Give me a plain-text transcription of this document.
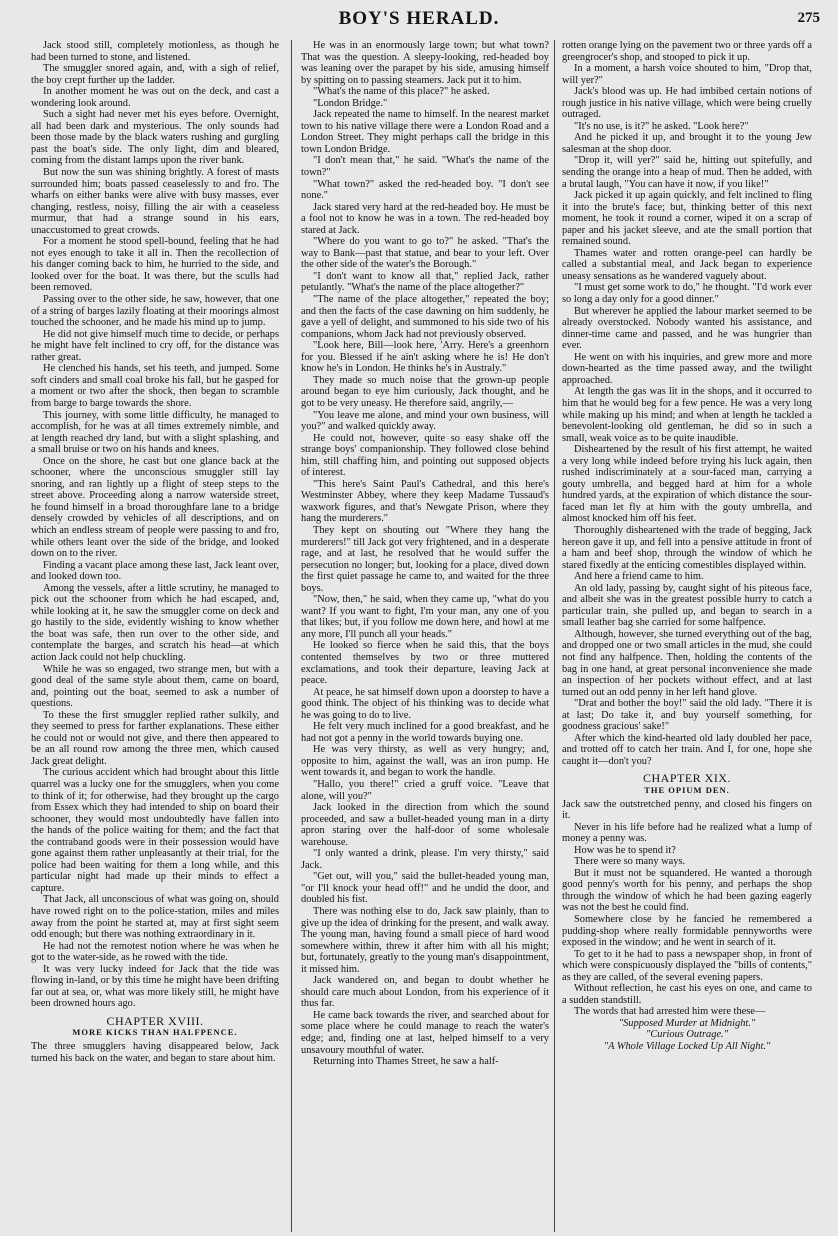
BOY'S HERALD.	275

Jack stood still, completely motionless, as though he had been turned to stone, and listened.

The smuggler snored again, and, with a sigh of relief, the boy crept further up the ladder.

In another moment he was out on the deck, and cast a wondering look around.

Such a sight had never met his eyes before. Overnight, all had been dark and mysterious. The only sounds had been those made by the black waters rushing and gurgling past the boat's side. The only light, dim and bleared, coming from the distant lamps upon the river bank.

But now the sun was shining brightly. A forest of masts surrounded him; boats passed ceaselessly to and fro. The wharfs on either banks were alive with busy masses, ever changing, restless, noisy, filling the air with a ceaseless murmur, that had a strange sound in his ears, unaccustomed to great crowds.

For a moment he stood spell-bound, feeling that he had not eyes enough to take it all in. Then the recollection of his danger coming back to him, he hurried to the side, and looked over for the boat. It was there, but the sculls had been removed.

Passing over to the other side, he saw, however, that one of a string of barges lazily floating at their moorings almost touched the schooner, and he made his mind up to jump.

He did not give himself much time to decide, or perhaps he might have felt inclined to cry off, for the distance was rather great.

He clenched his hands, set his teeth, and jumped. Some soft cinders and small coal broke his fall, but he gasped for a moment or two after the shock, then began to scramble from barge to barge towards the shore.

This journey, with some little difficulty, he managed to accomplish, for he was at all times extremely nimble, and at length reached dry land, but with a slight splashing, and a small bruise or two on his hands and knees.

Once on the shore, he cast but one glance back at the schooner, where the unconscious smuggler still lay snoring, and ran lightly up a flight of steep steps to the street above. Proceeding along a narrow waterside street, he found himself in a broad thoroughfare lane to a bridge densely crowded by vehicles of all descriptions, and on which an endless stream of people were passing to and fro, while others leant over the side of the bridge, and looked down on to the river.

Finding a vacant place among these last, Jack leant over, and looked down too.

Among the vessels, after a little scrutiny, he managed to pick out the schooner from which he had escaped, and, while looking at it, he saw the smuggler come on deck and go hastily to the side, evidently wishing to know whether the boat was safe, then run over to the other side, and contemplate the barges, and scratch his head—at which action Jack could not help chuckling.

While he was so engaged, two strange men, but with a good deal of the same style about them, came on board, and, pointing out the boat, seemed to ask a number of questions.

To these the first smuggler replied rather sulkily, and they seemed to press for farther explanations. These either he could not or would not give, and there then appeared to be an all round row among the three men, which caused Jack great delight.

The curious accident which had brought about this little quarrel was a lucky one for the smugglers, when you come to think of it; for otherwise, had they brought up the cargo from Essex which they had intended to ship on board their schooner, they would most undoubtedly have fallen into the hands of the police waiting for them; and the fact that the contraband goods were in their possession would have gone against them rather unpleasantly at their trial, for the police had been waiting for them a long while, and this particular night had made up their minds to effect a capture.

That Jack, all unconscious of what was going on, should have rowed right on to the police-station, miles and miles away from the point he started at, may at first sight seem odd enough; but there was nothing extraordinary in it.

He had not the remotest notion where he was when he got to the water-side, as he rowed with the tide.

It was very lucky indeed for Jack that the tide was flowing in-land, or by this time he might have been drifting far out at sea, or, what was more likely still, he might have been drowned hours ago.

CHAPTER XVIII.
MORE KICKS THAN HALFPENCE.

The three smugglers having disappeared below, Jack turned his back on the water, and began to stare about him.

He was in an enormously large town; but what town? That was the question. A sleepy-looking, red-headed boy was leaning over the parapet by his side, amusing himself by spitting on to passing steamers. Jack put it to him.

"What's the name of this place?" he asked.

"London Bridge."

Jack repeated the name to himself. In the nearest market town to his native village there were a London Road and a London Street. They might perhaps call the bridge in this town London Bridge.

"I don't mean that," he said. "What's the name of the town?"

"What town?" asked the red-headed boy. "I don't see none."

Jack stared very hard at the red-headed boy. He must be a fool not to know he was in a town. The red-headed boy stared at Jack.

"Where do you want to go to?" he asked. "That's the way to Bank—past that statue, and bear to your left. Over the other side of the water's the Borough."

"I don't want to know all that," replied Jack, rather petulantly. "What's the name of the place altogether?"

"The name of the place altogether," repeated the boy; and then the facts of the case dawning on him suddenly, he gave a yell of delight, and summoned to his side two of his companions, whom Jack had not previously observed.

"Look here, Bill—look here, 'Arry. Here's a greenhorn for you. Blessed if he ain't asking where he is! He don't know he's in London. He thinks he's in Australy."

They made so much noise that the grown-up people around began to eye him curiously, Jack thought, and he got to be very uneasy. He therefore said, angrily,—

"You leave me alone, and mind your own business, will you?" and walked quickly away.

He could not, however, quite so easy shake off the strange boys' companionship. They followed close behind him, still chaffing him, and pointing out supposed objects of interest.

"This here's Saint Paul's Cathedral, and this here's Westminster Abbey, where they keep Madame Tussaud's waxwork figures, and that's Newgate Prison, where they hang the murderers."

They kept on shouting out "Where they hang the murderers!" till Jack got very frightened, and in a desperate rage, and at last, he resolved that he would suffer the persecution no longer; but, looking for a place, dived down the first quiet passage he came to, and waited for the three boys.

"Now, then," he said, when they came up, "what do you want? If you want to fight, I'm your man, any one of you that likes; but, if you follow me down here, and howl at me any more, I'll punch all your heads."

He looked so fierce when he said this, that the boys contented themselves by two or three muttered exclamations, and took their departure, leaving Jack at peace.

At peace, he sat himself down upon a doorstep to have a good think. The object of his thinking was to decide what he was going to do to live.

He felt very much inclined for a good breakfast, and he had not got a penny in the world towards buying one.

He was very thirsty, as well as very hungry; and, opposite to him, against the wall, was an iron pump. He went towards it, and began to work the handle.

"Hallo, you there!" cried a gruff voice. "Leave that alone, will you?"

Jack looked in the direction from which the sound proceeded, and saw a bullet-headed young man in a dirty apron staring over the half-door of some wholesale warehouse.

"I only wanted a drink, please. I'm very thirsty," said Jack.

"Get out, will you," said the bullet-headed young man, "or I'll knock your head off!" and he undid the door, and doubled his fist.

There was nothing else to do, Jack saw plainly, than to give up the idea of drinking for the present, and walk away. The young man, having found a small piece of hard wood somewhere within, threw it after him with all his might; but, fortunately, greatly to the young man's disappointment, it missed him.

Jack wandered on, and began to doubt whether he should care much about London, from his experience of it thus far.

He came back towards the river, and searched about for some place where he could manage to reach the water's edge; and, finding one at last, helped himself to a very unsavoury mouthful of water.

Returning into Thames Street, he saw a half-

rotten orange lying on the pavement two or three yards off a greengrocer's shop, and stooped to pick it up.

In a moment, a harsh voice shouted to him, "Drop that, will yer?"

Jack's blood was up. He had imbibed certain notions of rough justice in his native village, which were being cruelly outraged.

"It's no use, is it?" he asked. "Look here?"

And he picked it up, and brought it to the young Jew salesman at the shop door.

"Drop it, will yer?" said he, hitting out spitefully, and sending the orange into a heap of mud. Then he added, with a brutal laugh, "You can have it now, if you like!"

Jack picked it up again quickly, and felt inclined to fling it into the brute's face; but, thinking better of this next moment, he took it round a corner, wiped it on a scrap of paper and his jacket sleeve, and ate the small portion that remained sound.

Thames water and rotten orange-peel can hardly be called a substantial meal, and Jack began to experience uneasy sensations as he wandered vaguely about.

"I must get some work to do," he thought. "I'd work ever so long a day only for a good dinner."

But wherever he applied the labour market seemed to be already overstocked. Nobody wanted his assistance, and dinner-time came and passed, and he was hungrier than ever.

He went on with his inquiries, and grew more and more down-hearted as the time passed away, and the twilight approached.

At length the gas was lit in the shops, and it occurred to him that he would beg for a few pence. He was a very long while making up his mind; and when at length he tackled a benevolent-looking old gentleman, he did so in such a small, weak voice as to be quite inaudible.

Disheartened by the result of his first attempt, he waited a very long while indeed before trying his luck again, then rushed indiscriminately at a sour-faced man, carrying a gouty umbrella, and begged hard at him for a whole hundred yards, at the expiration of which distance the sour-faced man let fly at him with the gouty umbrella, and almost knocked him off his feet.

Thoroughly disheartened with the trade of begging, Jack hereon gave it up, and fell into a pensive attitude in front of a ham and beef shop, through the window of which he stared fixedly at the enticing comestibles displayed within.

And here a friend came to him.

An old lady, passing by, caught sight of his piteous face, and albeit she was in the greatest possible hurry to catch a particular train, she pulled up, and began to search in a small leather bag she carried for some halfpence.

Although, however, she turned everything out of the bag, and dropped one or two small articles in the mud, she could not find any halfpence. Then, holding the contents of the bag in one hand, at great personal inconvenience she made an inspection of her pockets without effect, and at last turned out an odd penny in her left hand glove.

"Drat and bother the boy!" said the old lady. "There it is at last; Do take it, and buy yourself something, for goodness gracious' sake!"

After which the kind-hearted old lady doubled her pace, and trotted off to catch her train. And I, for one, hope she caught it—don't you?

CHAPTER XIX.
THE OPIUM DEN.

Jack saw the outstretched penny, and closed his fingers on it.

Never in his life before had he realized what a lump of money a penny was.

How was he to spend it?

There were so many ways.

But it must not be squandered. He wanted a thorough good penny's worth for his penny, and perhaps the shop through the window of which he had been gazing eagerly was not the best he could find.

Somewhere close by he fancied he remembered a pudding-shop where really formidable pennyworths were exposed in the window; and he went in search of it.

To get to it he had to pass a newspaper shop, in front of which were conspicuously displayed the "bills of contents," as they are called, of the several evening papers.

Without reflection, he cast his eyes on one, and came to a sudden standstill.

The words that had arrested him were these—

"Supposed Murder at Midnight."

"Curious Outrage."

"A Whole Village Locked Up All Night."
